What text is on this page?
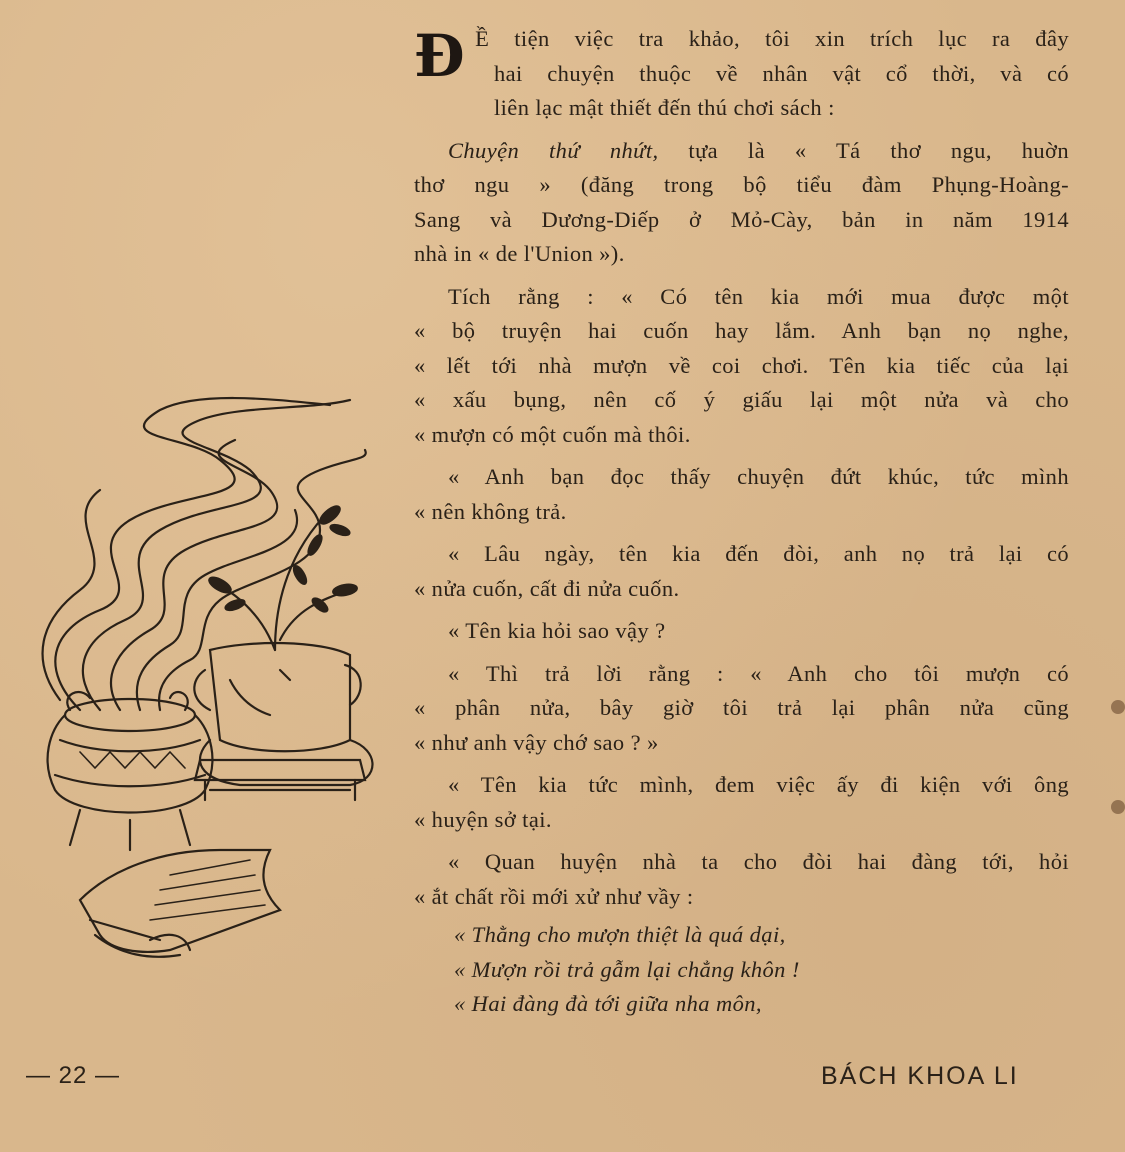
Đ Ề tiện việc tra khảo, tôi xin trích lục ra đây
hai chuyện thuộc về nhân vật cổ thời, và có
liên lạc mật thiết đến thú chơi sách :
Chuyện thứ nhứt, tựa là « Tá thơ ngu, huờn
thơ ngu » (đăng trong bộ tiểu đàm Phụng-Hoàng-
Sang và Dương-Diếp ở Mỏ-Cày, bản in năm 1914
nhà in « de l'Union »).
Tích rằng : « Có tên kia mới mua được một
« bộ truyện hai cuốn hay lắm. Anh bạn nọ nghe,
« lết tới nhà mượn về coi chơi. Tên kia tiếc của lại
« xấu bụng, nên cố ý giấu lại một nửa và cho
« mượn có một cuốn mà thôi.
« Anh bạn đọc thấy chuyện đứt khúc, tức mình
« nên không trả.
« Lâu ngày, tên kia đến đòi, anh nọ trả lại có
« nửa cuốn, cất đi nửa cuốn.
« Tên kia hỏi sao vậy ?
« Thì trả lời rằng : « Anh cho tôi mượn có
« phân nửa, bây giờ tôi trả lại phân nửa cũng
« như anh vậy chớ sao ? »
« Tên kia tức mình, đem việc ấy đi kiện với ông
« huyện sở tại.
« Quan huyện nhà ta cho đòi hai đàng tới, hỏi
« ắt chất rồi mới xử như vầy :
« Thằng cho mượn thiệt là quá dại,
« Mượn rồi trả gẫm lại chẳng khôn !
« Hai đàng đà tới giữa nha môn,
— 22 —	BÁCH KHOA LI
